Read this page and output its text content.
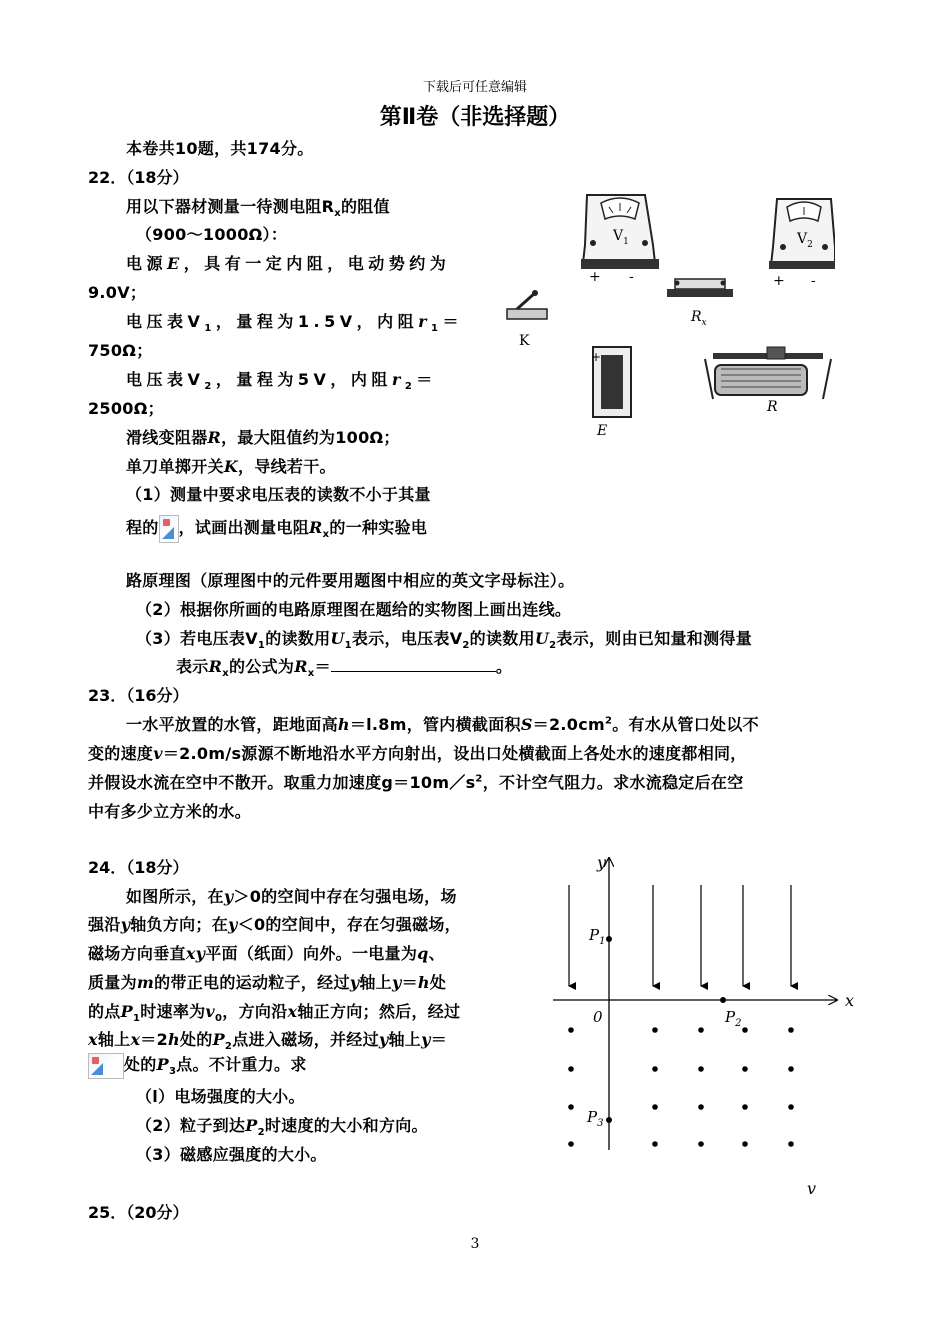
下载后可任意编辑
第Ⅱ卷（非选择题）
本卷共10题，共174分。
22．（18分）
用以下器材测量一待测电阻$R_x$的阻值
（900～1000Ω）：
电源E，具有一定内阻，电动势约为
9.0V；
电压表$V_1$，量程为1.5V，内阻$r_1=$
750Ω；
电压表$V_2$，量程为5V，内阻$r_2=$
2500Ω；
滑线变阻器R，最大阻值约为100Ω；
单刀单掷开关K，导线若干。
（1）测量中要求电压表的读数不小于其量
程的 ，试画出测量电阻$R_x$的一种实验电
路原理图（原理图中的元件要用题图中相应的英文字母标注）。
（2）根据你所画的电路原理图在题给的实物图上画出连线。
（3）若电压表$V_1$的读数用$U_1$表示，电压表$V_2$的读数用$U_2$表示，则由已知量和测得量
表示$R_x$的公式为$R_x=$	。
$V_1$
+ -
$V_2$
+ -
$R_x$
K
+
E
R
23．（16分）
一水平放置的水管，距地面高h＝l.8m，管内横截面积$S=2.0cm^2$。有水从管口处以不
变的速度v＝2.0m/s源源不断地沿水平方向射出，设出口处横截面上各处水的速度都相同，
并假设水流在空中不散开。取重力加速度$g=10m/s^2$，不计空气阻力。求水流稳定后在空
中有多少立方米的水。
24．（18分）
如图所示，在y＞0的空间中存在匀强电场，场
强沿y轴负方向；在y＜0的空间中，存在匀强磁场，
磁场方向垂直xy平面（纸面）向外。一电量为q、
质量为m的带正电的运动粒子，经过y轴上y＝h处
的点$P_1$时速率为$v_0$，方向沿x轴正方向；然后，经过
x轴上x＝2h处的$P_2$点进入磁场，并经过y轴上y＝
处的$P_3$点。不计重力。求
（l）电场强度的大小。
（2）粒子到达$P_2$时速度的大小和方向。
（3）磁感应强度的大小。
y
x
0
$P_1$
$P_2$
$P_3$
v
25．（20分）
3
